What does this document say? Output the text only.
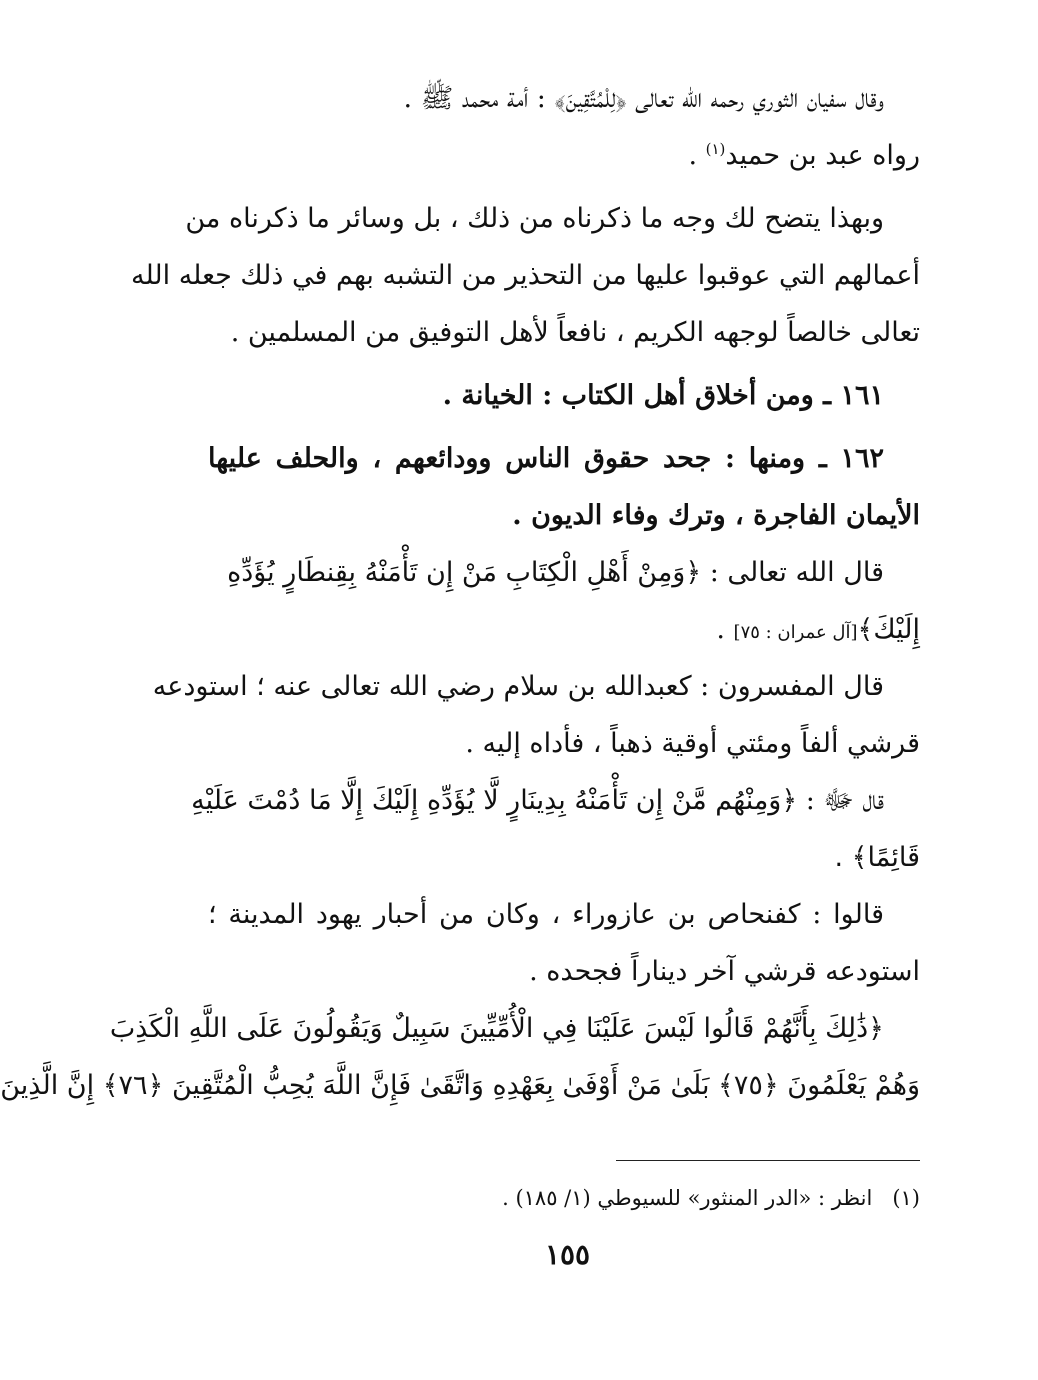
وقال سفيان الثوري رحمه الله تعالى ﴿لِلْمُتَّقِينَ﴾ : أمة محمد ﷺ .

رواه عبد بن حميد$^{(١)}$ .

وبهذا يتضح لك وجه ما ذكرناه من ذلك ، بل وسائر ما ذكرناه من

أعمالهم التي عوقبوا عليها من التحذير من التشبه بهم في ذلك جعله الله

تعالى خالصاً لوجهه الكريم ، نافعاً لأهل التوفيق من المسلمين .

١٦١ ـ ومن أخلاق أهل الكتاب : الخيانة .

١٦٢ ـ ومنها : جحد حقوق الناس وودائعهم ، والحلف عليها

الأيمان الفاجرة ، وترك وفاء الديون .

قال الله تعالى : ﴿وَمِنْ أَهْلِ الْكِتَابِ مَنْ إِن تَأْمَنْهُ بِقِنطَارٍ يُؤَدِّهِ

إِلَيْكَ﴾[آل عمران : ٧٥] .

قال المفسرون : كعبدالله بن سلام رضي الله تعالى عنه ؛ استودعه

قرشي ألفاً ومئتي أوقية ذهباً ، فأداه إليه .

قال ﷻ : ﴿وَمِنْهُم مَّنْ إِن تَأْمَنْهُ بِدِينَارٍ لَّا يُؤَدِّهِ إِلَيْكَ إِلَّا مَا دُمْتَ عَلَيْهِ

قَائِمًا﴾ .

قالوا : كفنحاص بن عازوراء ، وكان من أحبار يهود المدينة ؛

استودعه قرشي آخر ديناراً فجحده .

﴿ذَٰلِكَ بِأَنَّهُمْ قَالُوا لَيْسَ عَلَيْنَا فِي الْأُمِّيِّينَ سَبِيلٌ وَيَقُولُونَ عَلَى اللَّهِ الْكَذِبَ

وَهُمْ يَعْلَمُونَ ﴿٧٥﴾ بَلَىٰ مَنْ أَوْفَىٰ بِعَهْدِهِ وَاتَّقَىٰ فَإِنَّ اللَّهَ يُحِبُّ الْمُتَّقِينَ ﴿٧٦﴾ إِنَّ الَّذِينَ

(١)انظر : «الدر المنثور» للسيوطي (١/ ١٨٥) .
١٥٥
